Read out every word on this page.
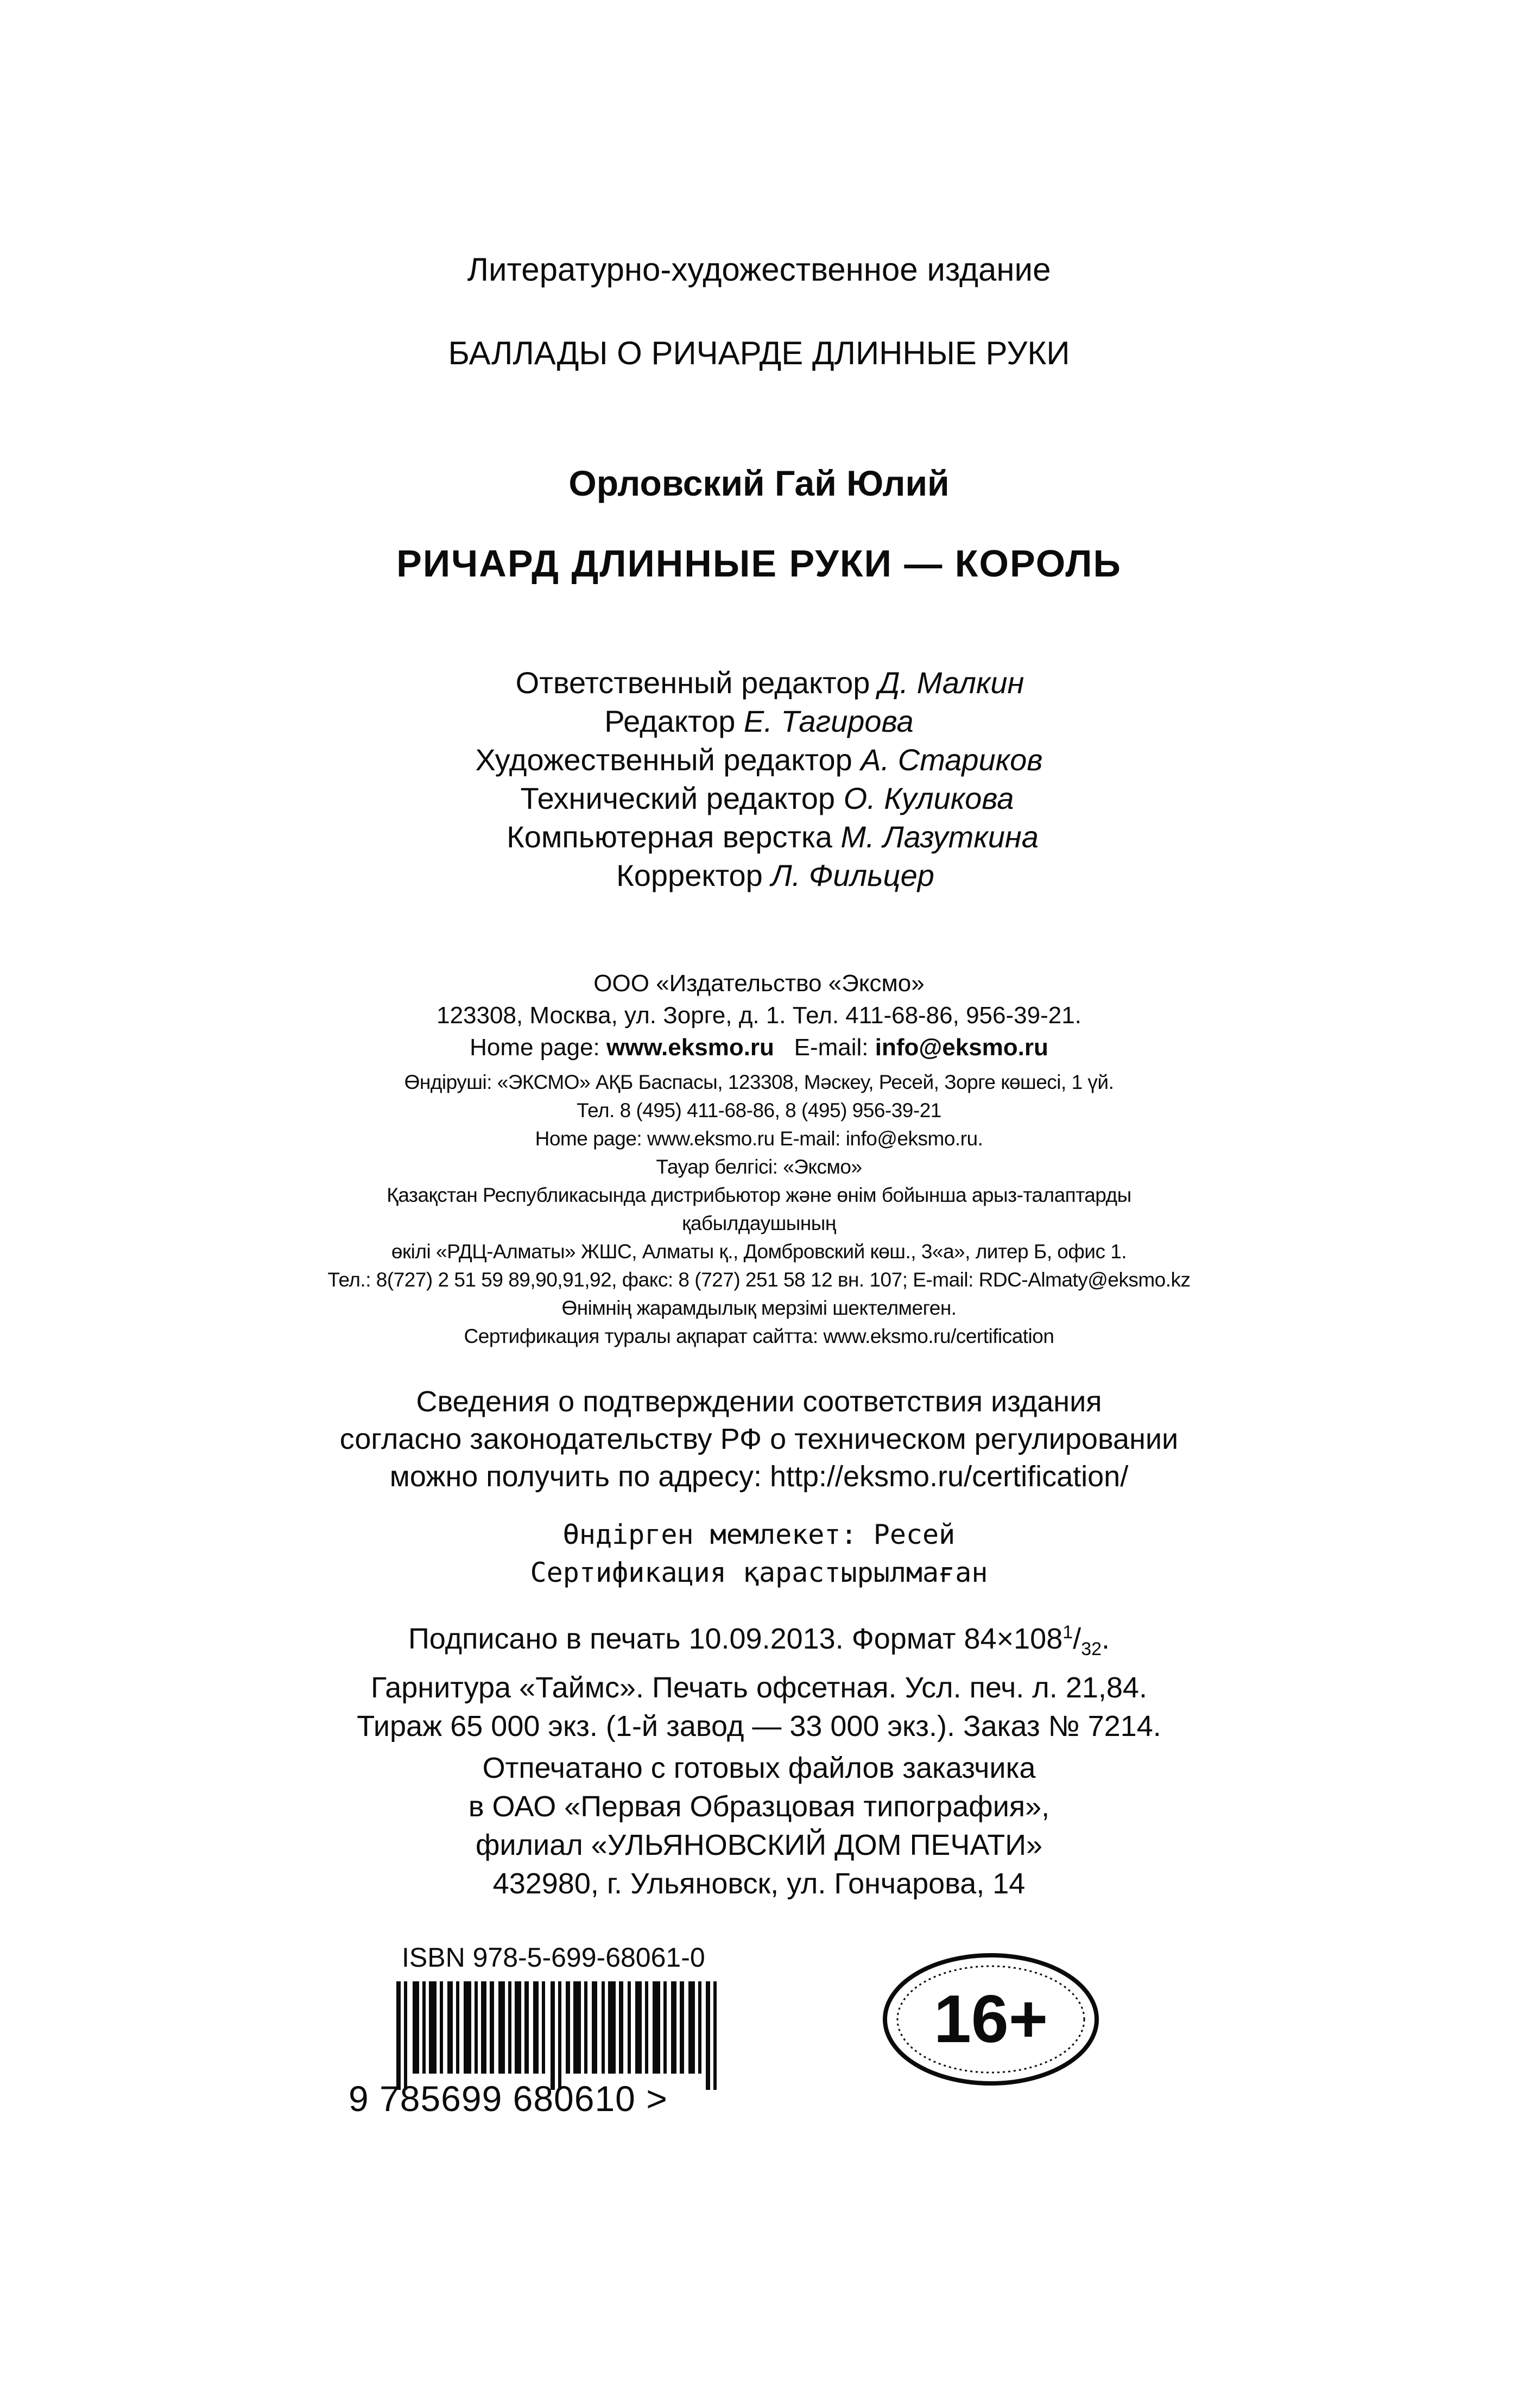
Литературно-художественное издание
БАЛЛАДЫ О РИЧАРДЕ ДЛИННЫЕ РУКИ
Орловский Гай Юлий
РИЧАРД ДЛИННЫЕ РУКИ — КОРОЛЬ
Ответственный редактор Д. Малкин
Редактор Е. Тагирова
Художественный редактор А. Стариков
Технический редактор О. Куликова
Компьютерная верстка М. Лазуткина
Корректор Л. Фильцер
ООО «Издательство «Эксмо»
123308, Москва, ул. Зорге, д. 1. Тел. 411-68-86, 956-39-21.
Home page: www.eksmo.ru E-mail: info@eksmo.ru
Өндіруші: «ЭКСМО» АҚБ Баспасы, 123308, Мәскеу, Ресей, Зорге көшесі, 1 үй.
Тел. 8 (495) 411-68-86, 8 (495) 956-39-21
Home page: www.eksmo.ru E-mail: info@eksmo.ru.
Тауар белгісі: «Эксмо»
Қазақстан Республикасында дистрибьютор және өнім бойынша арыз-талаптарды
қабылдаушының
өкілі «РДЦ-Алматы» ЖШС, Алматы қ., Домбровский көш., 3«а», литер Б, офис 1.
Тел.: 8(727) 2 51 59 89,90,91,92, факс: 8 (727) 251 58 12 вн. 107; E-mail: RDC-Almaty@eksmo.kz
Өнімнің жарамдылық мерзімі шектелмеген.
Сертификация туралы ақпарат сайтта: www.eksmo.ru/certification
Сведения о подтверждении соответствия издания
согласно законодательству РФ о техническом регулировании
можно получить по адресу: http://eksmo.ru/certification/
Өндірген мемлекет: Ресей
Сертификация қарастырылмаған
Подписано в печать 10.09.2013. Формат $84\times 108^1/_{32}$.
Гарнитура «Таймс». Печать офсетная. Усл. печ. л. 21,84.
Тираж 65 000 экз. (1-й завод — 33 000 экз.). Заказ № 7214.
Отпечатано с готовых файлов заказчика
в ОАО «Первая Образцовая типография»,
филиал «УЛЬЯНОВСКИЙ ДОМ ПЕЧАТИ»
432980, г. Ульяновск, ул. Гончарова, 14
ISBN 978-5-699-68061-0
9 785699 680610 >
16+
